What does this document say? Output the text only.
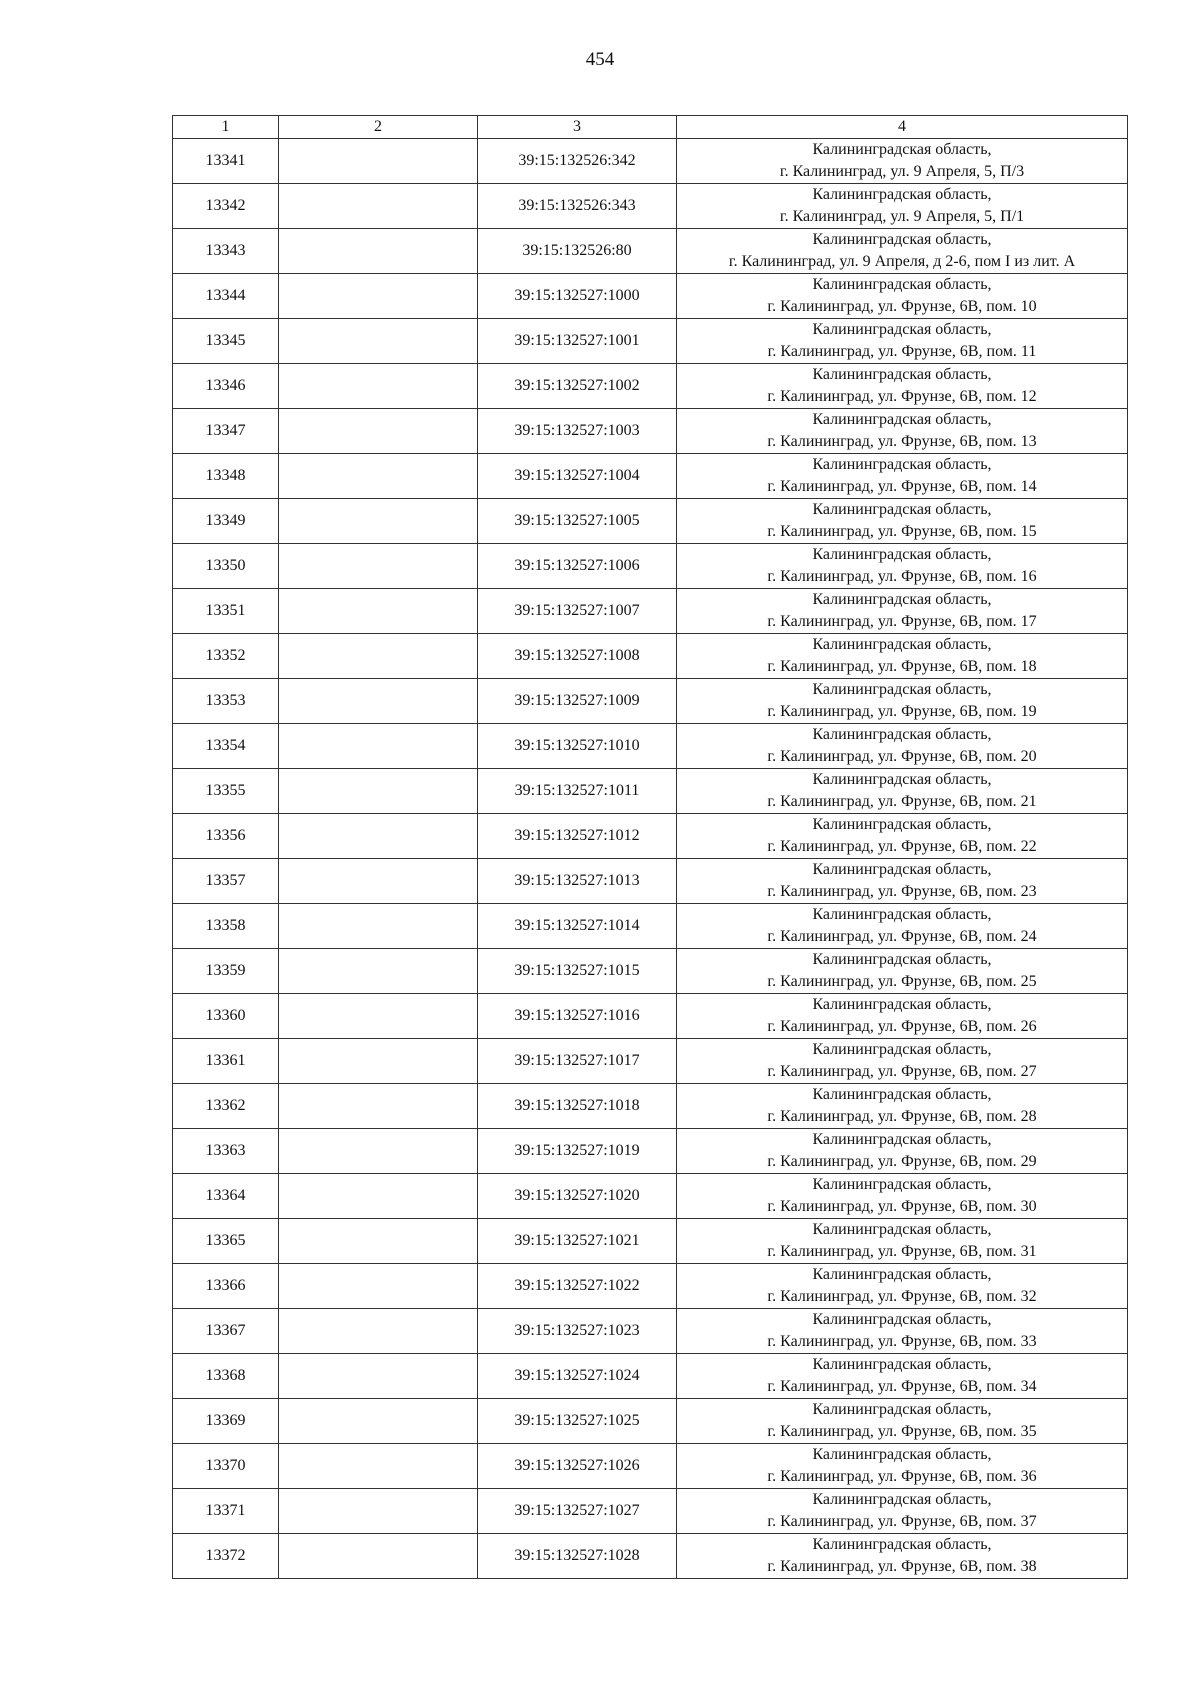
454
1	2	3	4
13341		39:15:132526:342	Калининградская область,
г. Калининград, ул. 9 Апреля, 5, П/3

13342		39:15:132526:343	Калининградская область,
г. Калининград, ул. 9 Апреля, 5, П/1

13343		39:15:132526:80	Калининградская область,
г. Калининград, ул. 9 Апреля, д 2-6, пом I из лит. А

13344		39:15:132527:1000	Калининградская область,
г. Калининград, ул. Фрунзе, 6В, пом. 10

13345		39:15:132527:1001	Калининградская область,
г. Калининград, ул. Фрунзе, 6В, пом. 11

13346		39:15:132527:1002	Калининградская область,
г. Калининград, ул. Фрунзе, 6В, пом. 12

13347		39:15:132527:1003	Калининградская область,
г. Калининград, ул. Фрунзе, 6В, пом. 13

13348		39:15:132527:1004	Калининградская область,
г. Калининград, ул. Фрунзе, 6В, пом. 14

13349		39:15:132527:1005	Калининградская область,
г. Калининград, ул. Фрунзе, 6В, пом. 15

13350		39:15:132527:1006	Калининградская область,
г. Калининград, ул. Фрунзе, 6В, пом. 16

13351		39:15:132527:1007	Калининградская область,
г. Калининград, ул. Фрунзе, 6В, пом. 17

13352		39:15:132527:1008	Калининградская область,
г. Калининград, ул. Фрунзе, 6В, пом. 18

13353		39:15:132527:1009	Калининградская область,
г. Калининград, ул. Фрунзе, 6В, пом. 19

13354		39:15:132527:1010	Калининградская область,
г. Калининград, ул. Фрунзе, 6В, пом. 20

13355		39:15:132527:1011	Калининградская область,
г. Калининград, ул. Фрунзе, 6В, пом. 21

13356		39:15:132527:1012	Калининградская область,
г. Калининград, ул. Фрунзе, 6В, пом. 22

13357		39:15:132527:1013	Калининградская область,
г. Калининград, ул. Фрунзе, 6В, пом. 23

13358		39:15:132527:1014	Калининградская область,
г. Калининград, ул. Фрунзе, 6В, пом. 24

13359		39:15:132527:1015	Калининградская область,
г. Калининград, ул. Фрунзе, 6В, пом. 25

13360		39:15:132527:1016	Калининградская область,
г. Калининград, ул. Фрунзе, 6В, пом. 26

13361		39:15:132527:1017	Калининградская область,
г. Калининград, ул. Фрунзе, 6В, пом. 27

13362		39:15:132527:1018	Калининградская область,
г. Калининград, ул. Фрунзе, 6В, пом. 28

13363		39:15:132527:1019	Калининградская область,
г. Калининград, ул. Фрунзе, 6В, пом. 29

13364		39:15:132527:1020	Калининградская область,
г. Калининград, ул. Фрунзе, 6В, пом. 30

13365		39:15:132527:1021	Калининградская область,
г. Калининград, ул. Фрунзе, 6В, пом. 31

13366		39:15:132527:1022	Калининградская область,
г. Калининград, ул. Фрунзе, 6В, пом. 32

13367		39:15:132527:1023	Калининградская область,
г. Калининград, ул. Фрунзе, 6В, пом. 33

13368		39:15:132527:1024	Калининградская область,
г. Калининград, ул. Фрунзе, 6В, пом. 34

13369		39:15:132527:1025	Калининградская область,
г. Калининград, ул. Фрунзе, 6В, пом. 35

13370		39:15:132527:1026	Калининградская область,
г. Калининград, ул. Фрунзе, 6В, пом. 36

13371		39:15:132527:1027	Калининградская область,
г. Калининград, ул. Фрунзе, 6В, пом. 37

13372		39:15:132527:1028	Калининградская область,
г. Калининград, ул. Фрунзе, 6В, пом. 38
